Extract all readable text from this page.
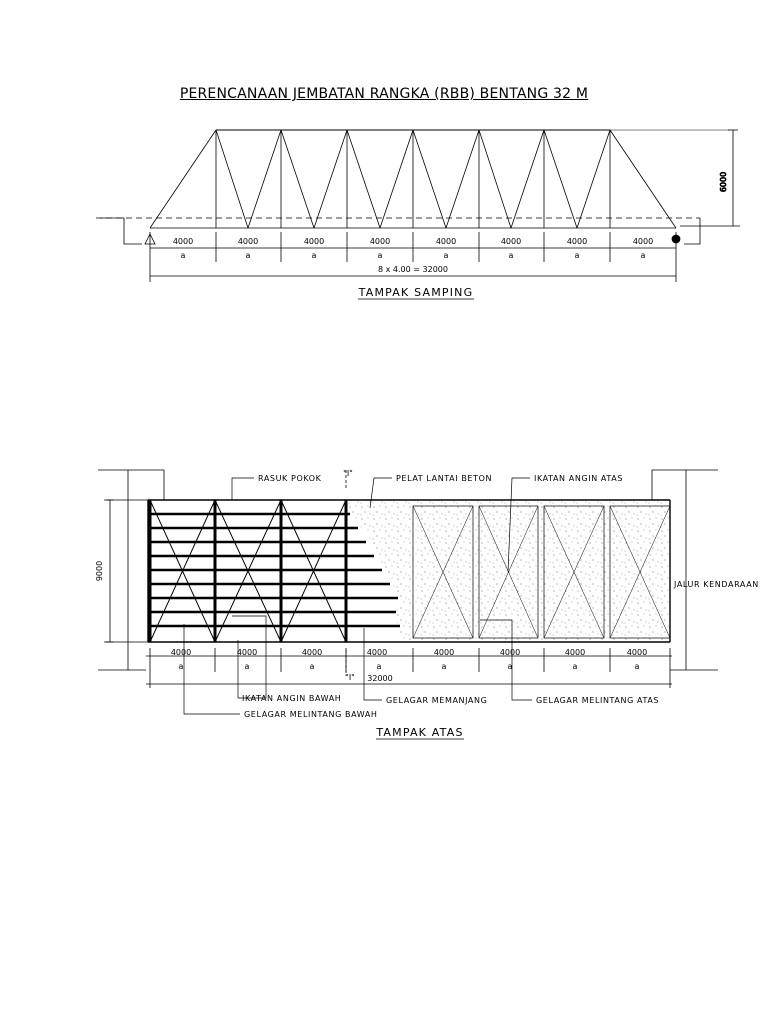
PERENCANAAN JEMBATAN RANGKA (RBB) BENTANG 32 M
6000
4000	4000	4000	4000	4000	4000	4000	4000
a	a	a	a	a	a	a	a
8 x 4.00 = 32000
TAMPAK SAMPING
9000
4000	4000	4000	4000	4000	4000	4000	4000
a	a	a	a	a	a	a	a
32000
"I"
"I"
RASUK POKOK	PELAT LANTAI BETON	IKATAN ANGIN ATAS
JALUR KENDARAAN
IKATAN ANGIN BAWAH
GELAGAR MELINTANG BAWAH
GELAGAR MEMANJANG	GELAGAR MELINTANG ATAS
TAMPAK ATAS
